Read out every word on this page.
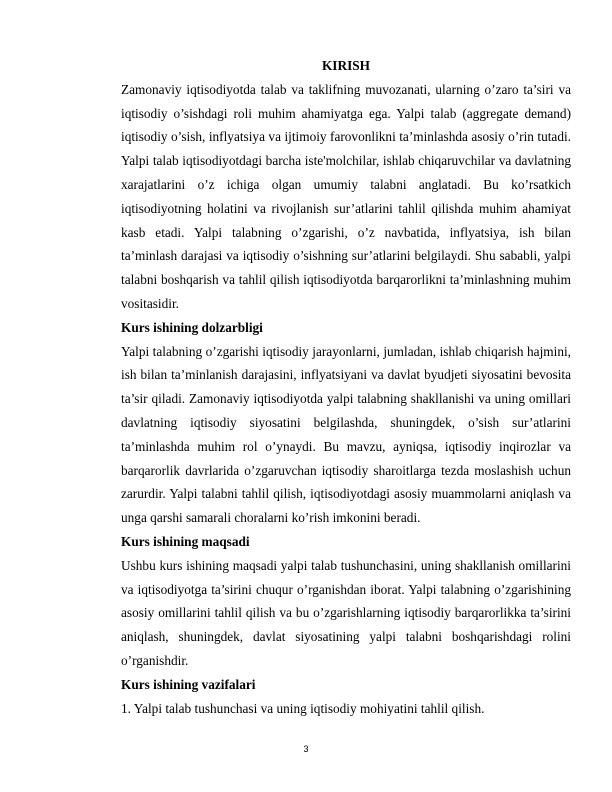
KIRISH

Zamonaviy iqtisodiyotda talab va taklifning muvozanati, ularning o’zaro ta’siri va iqtisodiy o’sishdagi roli muhim ahamiyatga ega. Yalpi talab (aggregate demand) iqtisodiy o’sish, inflyatsiya va ijtimoiy farovonlikni ta’minlashda asosiy o’rin tutadi. Yalpi talab iqtisodiyotdagi barcha iste'molchilar, ishlab chiqaruvchilar va davlatning xarajatlarini o’z ichiga olgan umumiy talabni anglatadi. Bu ko’rsatkich iqtisodiyotning holatini va rivojlanish sur’atlarini tahlil qilishda muhim ahamiyat kasb etadi. Yalpi talabning o’zgarishi, o’z navbatida, inflyatsiya, ish bilan ta’minlash darajasi va iqtisodiy o’sishning sur’atlarini belgilaydi. Shu sababli, yalpi talabni boshqarish va tahlil qilish iqtisodiyotda barqarorlikni ta’minlashning muhim vositasidir.

Kurs ishining dolzarbligi

Yalpi talabning o’zgarishi iqtisodiy jarayonlarni, jumladan, ishlab chiqarish hajmini, ish bilan ta’minlanish darajasini, inflyatsiyani va davlat byudjeti siyosatini bevosita ta’sir qiladi. Zamonaviy iqtisodiyotda yalpi talabning shakllanishi va uning omillari davlatning iqtisodiy siyosatini belgilashda, shuningdek, o’sish sur’atlarini ta’minlashda muhim rol o’ynaydi. Bu mavzu, ayniqsa, iqtisodiy inqirozlar va barqarorlik davrlarida o’zgaruvchan iqtisodiy sharoitlarga tezda moslashish uchun zarurdir. Yalpi talabni tahlil qilish, iqtisodiyotdagi asosiy muammolarni aniqlash va unga qarshi samarali choralarni ko’rish imkonini beradi.

Kurs ishining maqsadi

Ushbu kurs ishining maqsadi yalpi talab tushunchasini, uning shakllanish omillarini va iqtisodiyotga ta’sirini chuqur o’rganishdan iborat. Yalpi talabning o’zgarishining asosiy omillarini tahlil qilish va bu o’zgarishlarning iqtisodiy barqarorlikka ta’sirini aniqlash, shuningdek, davlat siyosatining yalpi talabni boshqarishdagi rolini o’rganishdir.

Kurs ishining vazifalari

1. Yalpi talab tushunchasi va uning iqtisodiy mohiyatini tahlil qilish.

3
